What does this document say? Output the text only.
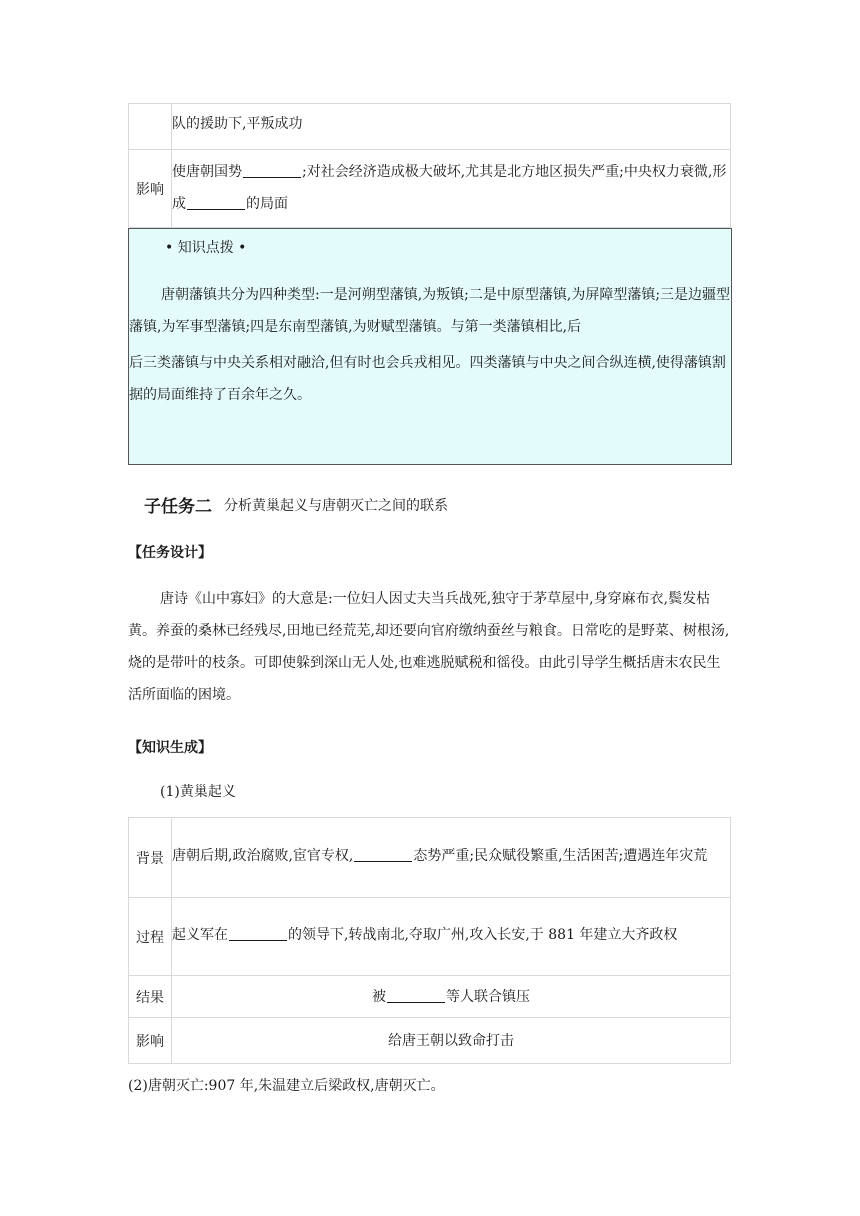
	队的援助下,平叛成功
影响	使唐朝国势 ;对社会经济造成极大破坏,尤其是北方地区损失严重;中央权力衰微,形成 的局面
• 知识点拨 •

唐朝藩镇共分为四种类型:一是河朔型藩镇,为叛镇;二是中原型藩镇,为屏障型藩镇;三是边疆型藩镇,为军事型藩镇;四是东南型藩镇,为财赋型藩镇。与第一类藩镇相比,后

后三类藩镇与中央关系相对融洽,但有时也会兵戎相见。四类藩镇与中央之间合纵连横,使得藩镇割据的局面维持了百余年之久。

子任务二 分析黄巢起义与唐朝灭亡之间的联系
【任务设计】

唐诗《山中寡妇》的大意是:一位妇人因丈夫当兵战死,独守于茅草屋中,身穿麻布衣,鬓发枯黄。养蚕的桑林已经残尽,田地已经荒芜,却还要向官府缴纳蚕丝与粮食。日常吃的是野菜、树根汤,烧的是带叶的枝条。可即使躲到深山无人处,也难逃脱赋税和徭役。由此引导学生概括唐末农民生活所面临的困境。

【知识生成】
(1)黄巢起义
背景	唐朝后期,政治腐败,宦官专权, 态势严重;民众赋役繁重,生活困苦;遭遇连年灾荒
过程	起义军在 的领导下,转战南北,夺取广州,攻入长安,于 881 年建立大齐政权
结果	被 等人联合镇压
影响	给唐王朝以致命打击
(2)唐朝灭亡:907 年,朱温建立后梁政权,唐朝灭亡。
